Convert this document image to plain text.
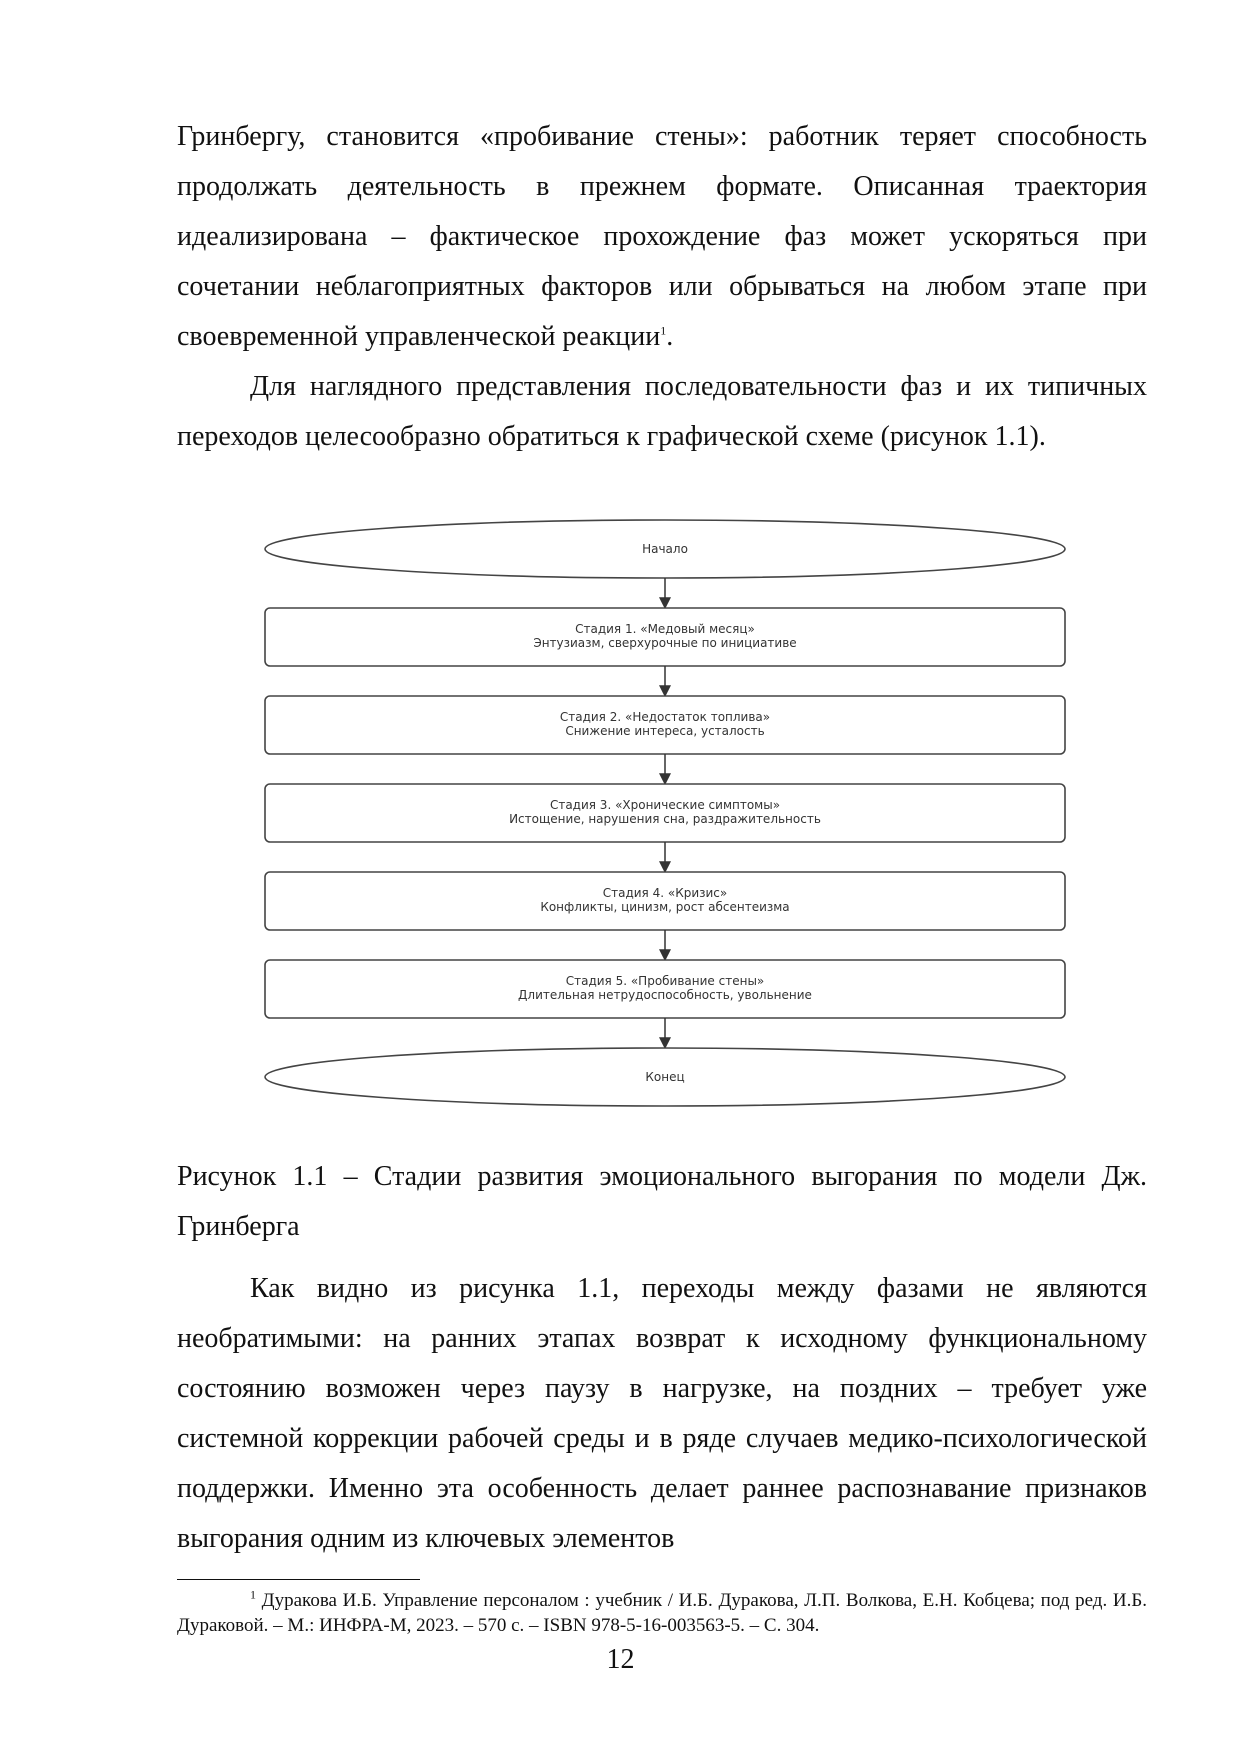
Гринбергу, становится «пробивание стены»: работник теряет способность продолжать деятельность в прежнем формате. Описанная траектория идеализирована – фактическое прохождение фаз может ускоряться при сочетании неблагоприятных факторов или обрываться на любом этапе при своевременной управленческой реакции$^1$.

Для наглядного представления последовательности фаз и их типичных переходов целесообразно обратиться к графической схеме (рисунок 1.1).

Начало
Стадия 1. «Медовый месяц»
Энтузиазм, сверхурочные по инициативе
Стадия 2. «Недостаток топлива»
Снижение интереса, усталость
Стадия 3. «Хронические симптомы»
Истощение, нарушения сна, раздражительность
Стадия 4. «Кризис»
Конфликты, цинизм, рост абсентеизма
Стадия 5. «Пробивание стены»
Длительная нетрудоспособность, увольнение
Конец
Рисунок 1.1 – Стадии развития эмоционального выгорания по модели Дж. Гринберга

Как видно из рисунка 1.1, переходы между фазами не являются необратимыми: на ранних этапах возврат к исходному функциональному состоянию возможен через паузу в нагрузке, на поздних – требует уже системной коррекции рабочей среды и в ряде случаев медико-психологической поддержки. Именно эта особенность делает раннее распознавание признаков выгорания одним из ключевых элементов

$^1$ Дуракова И.Б. Управление персоналом : учебник / И.Б. Дуракова, Л.П. Волкова, Е.Н. Кобцева; под ред. И.Б. Дураковой. – М.: ИНФРА-М, 2023. – 570 с. – ISBN 978-5-16-003563-5. – С. 304.
12
